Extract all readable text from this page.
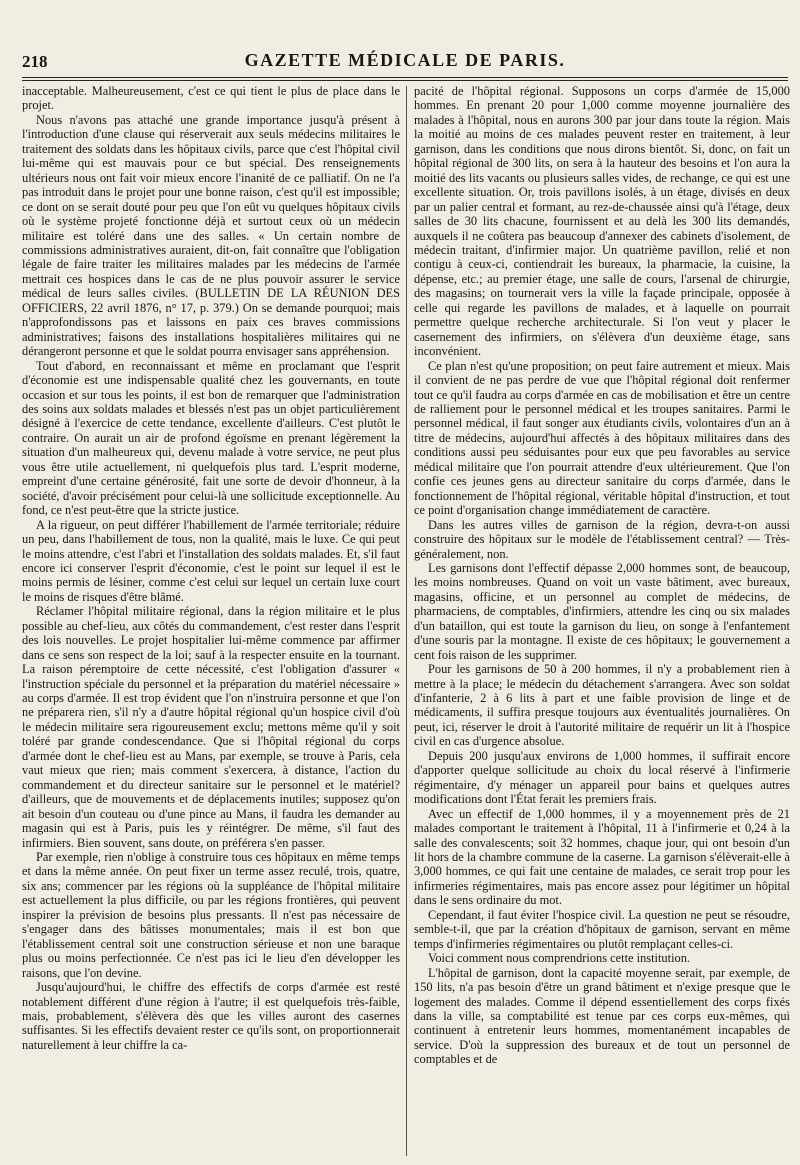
218	GAZETTE MÉDICALE DE PARIS.

inacceptable. Malheureusement, c'est ce qui tient le plus de place dans le projet.

Nous n'avons pas attaché une grande importance jusqu'à présent à l'introduction d'une clause qui réserverait aux seuls médecins militaires le traitement des soldats dans les hôpitaux civils, parce que c'est l'hôpital civil lui-même qui est mauvais pour ce but spécial. Des renseignements ultérieurs nous ont fait voir mieux encore l'inanité de ce palliatif. On ne l'a pas introduit dans le projet pour une bonne raison, c'est qu'il est impossible; ce dont on se serait douté pour peu que l'on eût vu quelques hôpitaux civils où le système projeté fonctionne déjà et surtout ceux où un médecin militaire est toléré dans une des salles. « Un certain nombre de commissions administratives auraient, dit-on, fait connaître que l'obligation légale de faire traiter les militaires malades par les médecins de l'armée mettrait ces hospices dans le cas de ne plus pouvoir assurer le service médical de leurs salles civiles. (BULLETIN DE LA RÉUNION DES OFFICIERS, 22 avril 1876, n° 17, p. 379.) On se demande pourquoi; mais n'approfondissons pas et laissons en paix ces braves commissions administratives; faisons des installations hospitalières militaires qui ne dérangeront personne et que le soldat pourra envisager sans appréhension.

Tout d'abord, en reconnaissant et même en proclamant que l'esprit d'économie est une indispensable qualité chez les gouvernants, en toute occasion et sur tous les points, il est bon de remarquer que l'administration des soins aux soldats malades et blessés n'est pas un objet particulièrement désigné à l'exercice de cette tendance, excellente d'ailleurs. C'est plutôt le contraire. On aurait un air de profond égoïsme en prenant légèrement la situation d'un malheureux qui, devenu malade à votre service, ne peut plus vous être utile actuellement, ni quelquefois plus tard. L'esprit moderne, empreint d'une certaine générosité, fait une sorte de devoir d'honneur, à la société, d'avoir précisément pour celui-là une sollicitude exceptionnelle. Au fond, ce n'est peut-être que la stricte justice.

A la rigueur, on peut différer l'habillement de l'armée territoriale; réduire un peu, dans l'habillement de tous, non la qualité, mais le luxe. Ce qui peut le moins attendre, c'est l'abri et l'installation des soldats malades. Et, s'il faut encore ici conserver l'esprit d'économie, c'est le point sur lequel il est le moins permis de lésiner, comme c'est celui sur lequel un certain luxe court le moins de risques d'être blâmé.

Réclamer l'hôpital militaire régional, dans la région militaire et le plus possible au chef-lieu, aux côtés du commandement, c'est rester dans l'esprit des lois nouvelles. Le projet hospitalier lui-même commence par affirmer dans ce sens son respect de la loi; sauf à la respecter ensuite en la tournant. La raison péremptoire de cette nécessité, c'est l'obligation d'assurer « l'instruction spéciale du personnel et la préparation du matériel nécessaire » au corps d'armée. Il est trop évident que l'on n'instruira personne et que l'on ne préparera rien, s'il n'y a d'autre hôpital régional qu'un hospice civil d'où le médecin militaire sera rigoureusement exclu; mettons même qu'il y soit toléré par grande condescendance. Que si l'hôpital régional du corps d'armée dont le chef-lieu est au Mans, par exemple, se trouve à Paris, cela vaut mieux que rien; mais comment s'exercera, à distance, l'action du commandement et du directeur sanitaire sur le personnel et le matériel? d'ailleurs, que de mouvements et de déplacements inutiles; supposez qu'on ait besoin d'un couteau ou d'une pince au Mans, il faudra les demander au magasin qui est à Paris, puis les y réintégrer. De même, s'il faut des infirmiers. Bien souvent, sans doute, on préférera s'en passer.

Par exemple, rien n'oblige à construire tous ces hôpitaux en même temps et dans la même année. On peut fixer un terme assez reculé, trois, quatre, six ans; commencer par les régions où la suppléance de l'hôpital militaire est actuellement la plus difficile, ou par les régions frontières, qui peuvent inspirer la prévision de besoins plus pressants. Il n'est pas nécessaire de s'engager dans des bâtisses monumentales; mais il est bon que l'établissement central soit une construction sérieuse et non une baraque plus ou moins perfectionnée. Ce n'est pas ici le lieu d'en développer les raisons, que l'on devine.

Jusqu'aujourd'hui, le chiffre des effectifs de corps d'armée est resté notablement différent d'une région à l'autre; il est quelquefois très-faible, mais, probablement, s'élèvera dès que les villes auront des casernes suffisantes. Si les effectifs devaient rester ce qu'ils sont, on proportionnerait naturellement à leur chiffre la ca-

pacité de l'hôpital régional. Supposons un corps d'armée de 15,000 hommes. En prenant 20 pour 1,000 comme moyenne journalière des malades à l'hôpital, nous en aurons 300 par jour dans toute la région. Mais la moitié au moins de ces malades peuvent rester en traitement, à leur garnison, dans les conditions que nous dirons bientôt. Si, donc, on fait un hôpital régional de 300 lits, on sera à la hauteur des besoins et l'on aura la moitié des lits vacants ou plusieurs salles vides, de rechange, ce qui est une excellente situation. Or, trois pavillons isolés, à un étage, divisés en deux par un palier central et formant, au rez-de-chaussée ainsi qu'à l'étage, deux salles de 30 lits chacune, fournissent et au delà les 300 lits demandés, auxquels il ne coûtera pas beaucoup d'annexer des cabinets d'isolement, de médecin traitant, d'infirmier major. Un quatrième pavillon, relié et non contigu à ceux-ci, contiendrait les bureaux, la pharmacie, la cuisine, la dépense, etc.; au premier étage, une salle de cours, l'arsenal de chirurgie, des magasins; on tournerait vers la ville la façade principale, opposée à celle qui regarde les pavillons de malades, et à laquelle on pourrait permettre quelque recherche architecturale. Si l'on veut y placer le casernement des infirmiers, on s'élèvera d'un deuxième étage, sans inconvénient.

Ce plan n'est qu'une proposition; on peut faire autrement et mieux. Mais il convient de ne pas perdre de vue que l'hôpital régional doit renfermer tout ce qu'il faudra au corps d'armée en cas de mobilisation et être un centre de ralliement pour le personnel médical et les troupes sanitaires. Parmi le personnel médical, il faut songer aux étudiants civils, volontaires d'un an à titre de médecins, aujourd'hui affectés à des hôpitaux militaires dans des conditions aussi peu séduisantes pour eux que peu favorables au service médical militaire que l'on pourrait attendre d'eux ultérieurement. Que l'on confie ces jeunes gens au directeur sanitaire du corps d'armée, dans le fonctionnement de l'hôpital régional, véritable hôpital d'instruction, et tout ce point d'organisation change immédiatement de caractère.

Dans les autres villes de garnison de la région, devra-t-on aussi construire des hôpitaux sur le modèle de l'établissement central? — Très-généralement, non.

Les garnisons dont l'effectif dépasse 2,000 hommes sont, de beaucoup, les moins nombreuses. Quand on voit un vaste bâtiment, avec bureaux, magasins, officine, et un personnel au complet de médecins, de pharmaciens, de comptables, d'infirmiers, attendre les cinq ou six malades d'un bataillon, qui est toute la garnison du lieu, on songe à l'enfantement d'une souris par la montagne. Il existe de ces hôpitaux; le gouvernement a cent fois raison de les supprimer.

Pour les garnisons de 50 à 200 hommes, il n'y a probablement rien à mettre à la place; le médecin du détachement s'arrangera. Avec son soldat d'infanterie, 2 à 6 lits à part et une faible provision de linge et de médicaments, il suffira presque toujours aux éventualités journalières. On peut, ici, réserver le droit à l'autorité militaire de requérir un lit à l'hospice civil en cas d'urgence absolue.

Depuis 200 jusqu'aux environs de 1,000 hommes, il suffirait encore d'apporter quelque sollicitude au choix du local réservé à l'infirmerie régimentaire, d'y ménager un appareil pour bains et quelques autres modifications dont l'État ferait les premiers frais.

Avec un effectif de 1,000 hommes, il y a moyennement près de 21 malades comportant le traitement à l'hôpital, 11 à l'infirmerie et 0,24 à la salle des convalescents; soit 32 hommes, chaque jour, qui ont besoin d'un lit hors de la chambre commune de la caserne. La garnison s'élèverait-elle à 3,000 hommes, ce qui fait une centaine de malades, ce serait trop pour les infirmeries régimentaires, mais pas encore assez pour légitimer un hôpital dans le sens ordinaire du mot.

Cependant, il faut éviter l'hospice civil. La question ne peut se résoudre, semble-t-il, que par la création d'hôpitaux de garnison, servant en même temps d'infirmeries régimentaires ou plutôt remplaçant celles-ci.

Voici comment nous comprendrions cette institution.

L'hôpital de garnison, dont la capacité moyenne serait, par exemple, de 150 lits, n'a pas besoin d'être un grand bâtiment et n'exige presque que le logement des malades. Comme il dépend essentiellement des corps fixés dans la ville, sa comptabilité est tenue par ces corps eux-mêmes, qui continuent à entretenir leurs hommes, momentanément incapables de service. D'où la suppression des bureaux et de tout un personnel de comptables et de
